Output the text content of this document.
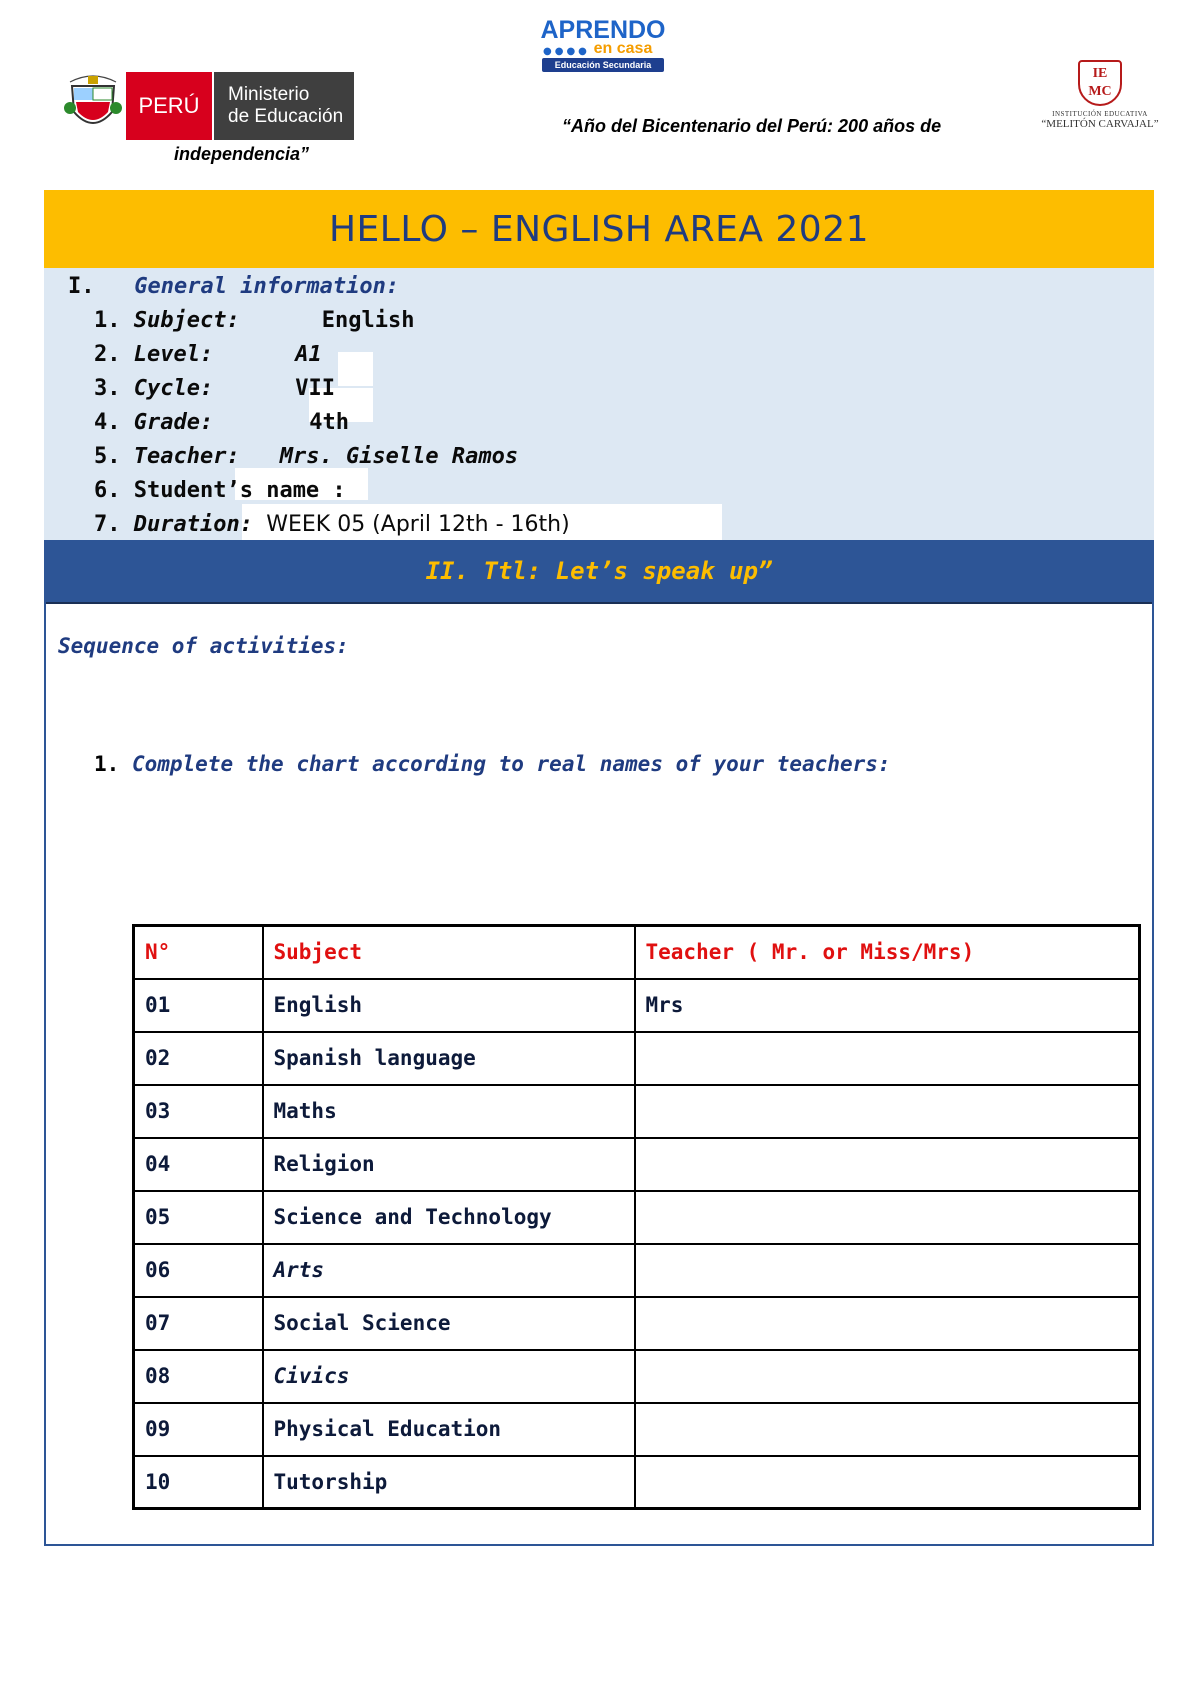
PERÚ	Ministerio
de Educación
APRENDO
●●●● en casa
Educación Secundaria
“Año del Bicentenario del Perú: 200 años de
independencia”
IE MC
INSTITUCIÓN EDUCATIVA
“MELITÓN CARVAJAL”
HELLO – ENGLISH AREA 2021
I. General information:
1. Subject:	English
2. Level:	A1
3. Cycle:	VII
4. Grade:	4th
5. Teacher: Mrs. Giselle Ramos
6. Student’s name :
7. Duration: WEEK 05 (April 12th - 16th)
II. Ttl: Let’s speak up”
Sequence of activities:
1. Complete the chart according to real names of your teachers:
N°	Subject	Teacher ( Mr. or Miss/Mrs)
01	English	Mrs
02	Spanish language	
03	Maths	
04	Religion	
05	Science and Technology	
06	Arts	
07	Social Science	
08	Civics	
09	Physical Education	
10	Tutorship	
